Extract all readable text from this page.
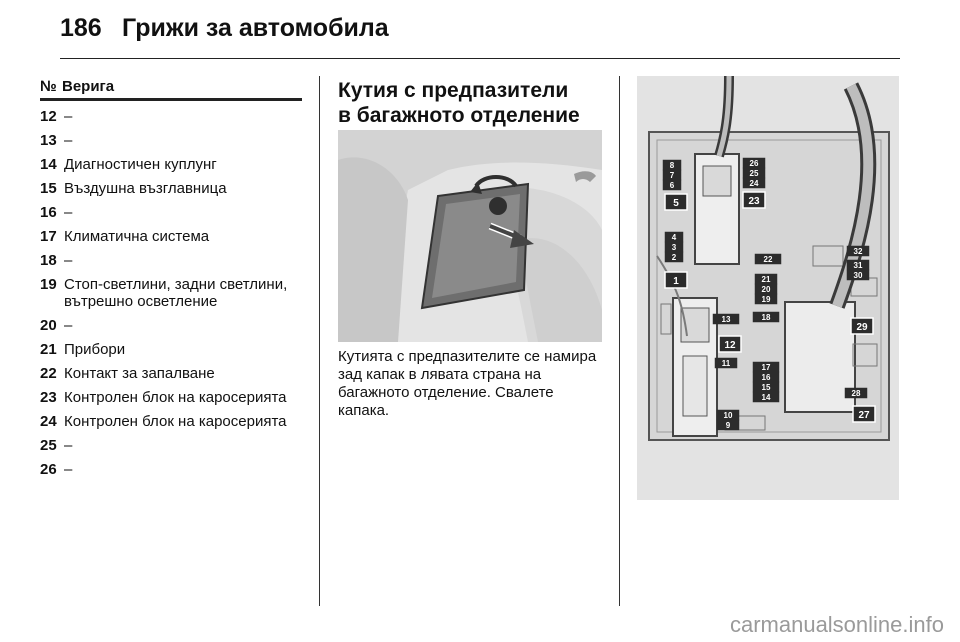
186 Грижи за автомобила
№ Верига
12 –
13 –
14 Диагностичен куплунг
15 Въздушна възглавница
16 –
17 Климатична система
18 –
19 Стоп-светлини, задни светлини, вътрешно осветление
20 –
21 Прибори
22 Контакт за запалване
23 Контролен блок на каросерията
24 Контролен блок на каросерията
25 –
26 –
Кутия с предпазители
в багажното отделение
Кутията с предпазителите се намира зад капак в лявата страна на багажното отделение. Свалете капака.
8
7
6
26
25
24
5	23
4
3
2	22
32
31
30
1	21
20
19
13	18
29
12
11	17
16
15
14	28
10
9
27
carmanualsonline.info
